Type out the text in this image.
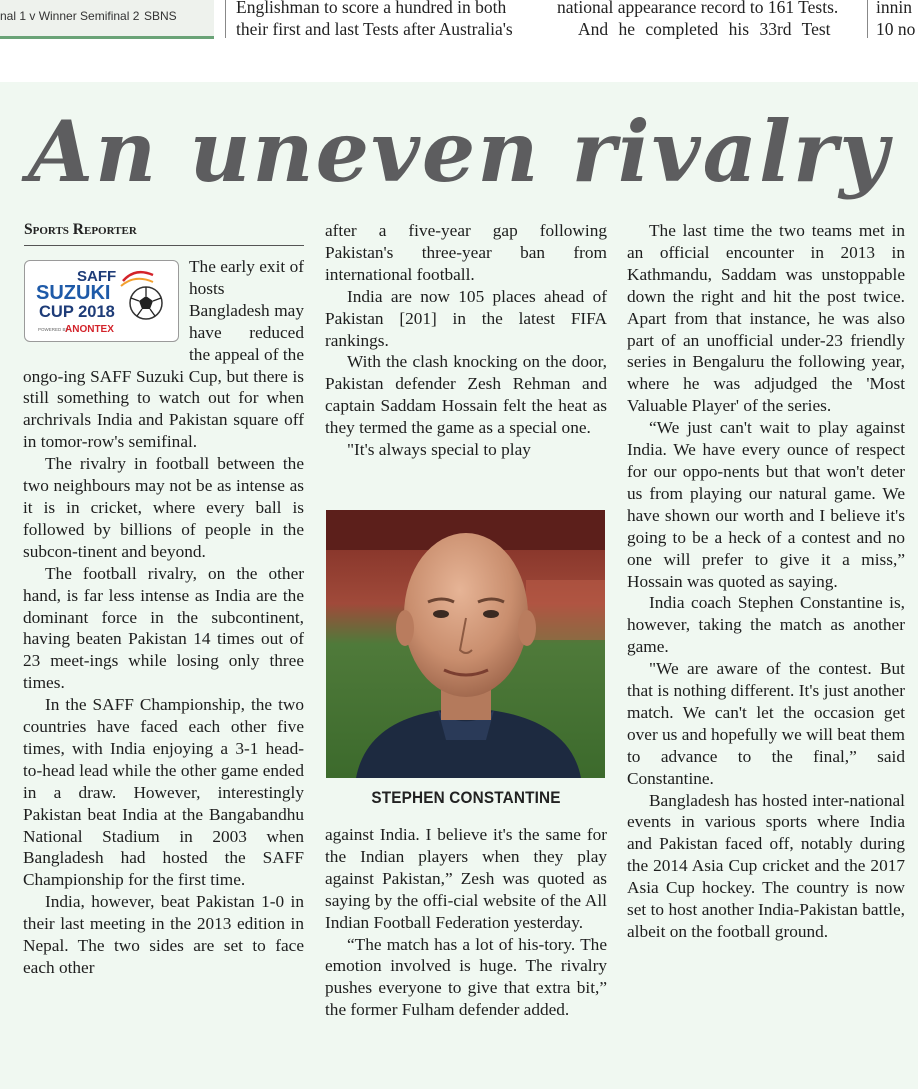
nal 1 v Winner Semifinal 2 SBNS	Englishman to score a hundred in both
their first and last Tests after Australia's
national appearance record to 161 Tests.
And he completed his 33rd Test
innin
10 no
An uneven rivalry
Sports Reporter
SAFF
SUZUKI
CUP 2018
POWERED BY
ANONTEX

The early exit of hosts Bangladesh may have reduced the appeal of the ongo-ing SAFF Suzuki Cup, but there is still something to watch out for when archrivals India and Pakistan square off in tomor-row's semifinal.

The rivalry in football between the two neighbours may not be as intense as it is in cricket, where every ball is followed by billions of people in the subcon-tinent and beyond.

The football rivalry, on the other hand, is far less intense as India are the dominant force in the subcontinent, having beaten Pakistan 14 times out of 23 meet-ings while losing only three times.

In the SAFF Championship, the two countries have faced each other five times, with India enjoying a 3-1 head-to-head lead while the other game ended in a draw. However, interestingly Pakistan beat India at the Bangabandhu National Stadium in 2003 when Bangladesh had hosted the SAFF Championship for the first time.

India, however, beat Pakistan 1-0 in their last meeting in the 2013 edition in Nepal. The two sides are set to face each other

after a five-year gap following Pakistan's three-year ban from international football.

India are now 105 places ahead of Pakistan [201] in the latest FIFA rankings.

With the clash knocking on the door, Pakistan defender Zesh Rehman and captain Saddam Hossain felt the heat as they termed the game as a special one.

"It's always special to play

STEPHEN CONSTANTINE

against India. I believe it's the same for the Indian players when they play against Pakistan,” Zesh was quoted as saying by the offi-cial website of the All Indian Football Federation yesterday.

“The match has a lot of his-tory. The emotion involved is huge. The rivalry pushes everyone to give that extra bit,” the former Fulham defender added.

The last time the two teams met in an official encounter in 2013 in Kathmandu, Saddam was unstoppable down the right and hit the post twice. Apart from that instance, he was also part of an unofficial under-23 friendly series in Bengaluru the following year, where he was adjudged the 'Most Valuable Player' of the series.

“We just can't wait to play against India. We have every ounce of respect for our oppo-nents but that won't deter us from playing our natural game. We have shown our worth and I believe it's going to be a heck of a contest and no one will prefer to give it a miss,” Hossain was quoted as saying.

India coach Stephen Constantine is, however, taking the match as another game.

"We are aware of the contest. But that is nothing different. It's just another match. We can't let the occasion get over us and hopefully we will beat them to advance to the final,” said Constantine.

Bangladesh has hosted inter-national events in various sports where India and Pakistan faced off, notably during the 2014 Asia Cup cricket and the 2017 Asia Cup hockey. The country is now set to host another India-Pakistan battle, albeit on the football ground.
